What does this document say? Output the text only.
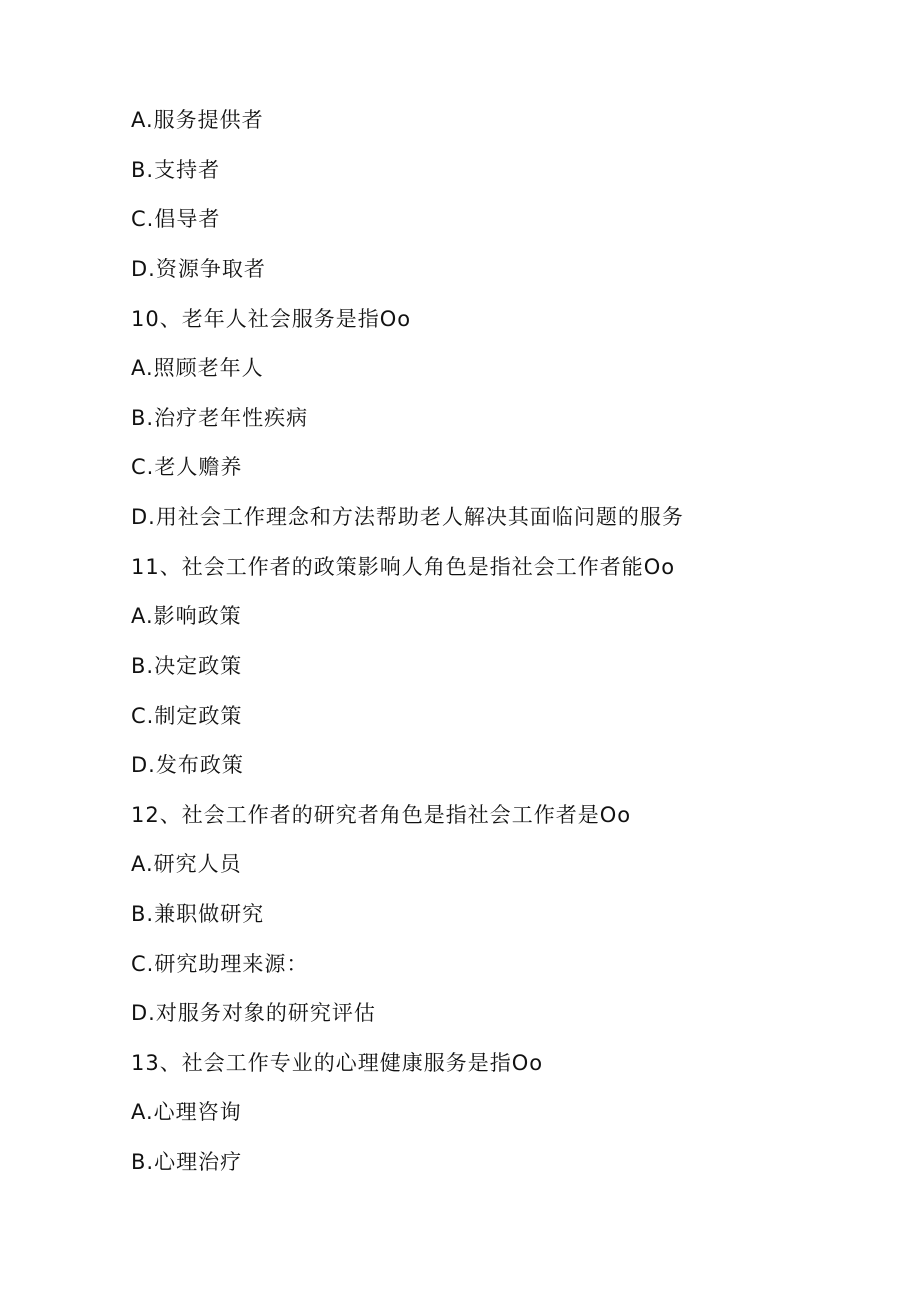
A.服务提供者
B.支持者
C.倡导者
D.资源争取者
10、老年人社会服务是指Oo
A.照顾老年人
B.治疗老年性疾病
C.老人赡养
D.用社会工作理念和方法帮助老人解决其面临问题的服务
11、社会工作者的政策影响人角色是指社会工作者能Oo
A.影响政策
B.决定政策
C.制定政策
D.发布政策
12、社会工作者的研究者角色是指社会工作者是Oo
A.研究人员
B.兼职做研究
C.研究助理来源：
D.对服务对象的研究评估
13、社会工作专业的心理健康服务是指Oo
A.心理咨询
B.心理治疗
